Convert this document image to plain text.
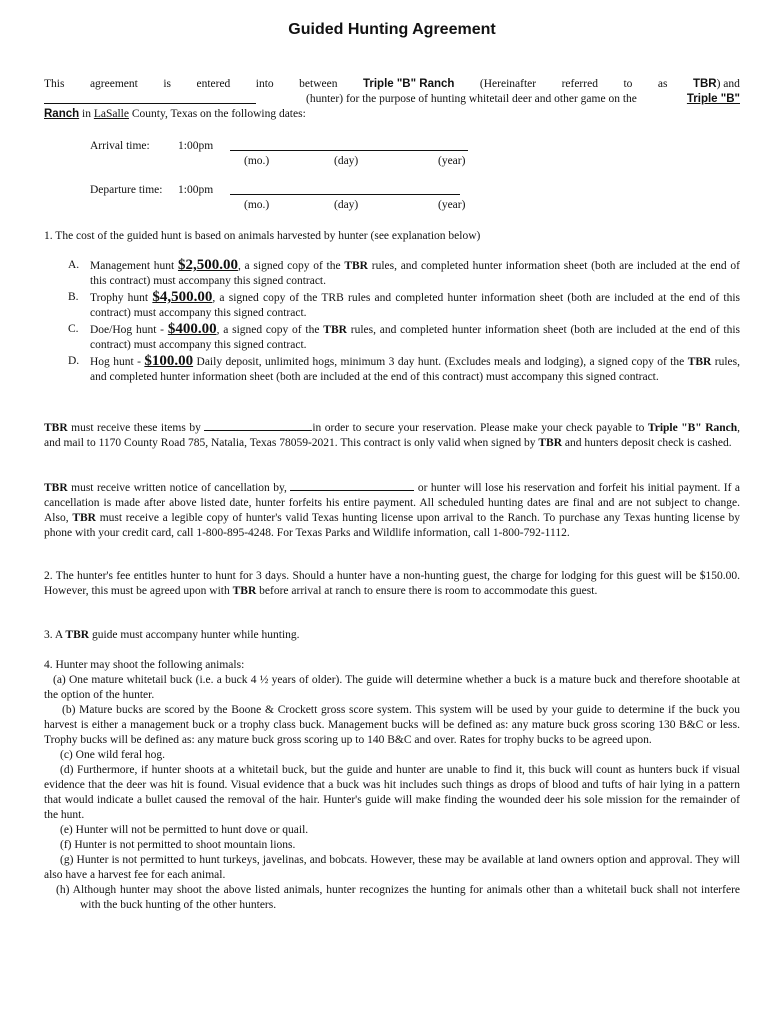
Guided Hunting Agreement
This agreement is entered into between Triple "B" Ranch (Hereinafter referred to as TBR) and
(hunter) for the purpose of hunting whitetail deer and other game on the	Triple "B"
Ranch in LaSalle County, Texas on the following dates:
Arrival time: 1:00pm
(mo.)	(day)	(year)
Departure time: 1:00pm
(mo.)	(day)	(year)
1. The cost of the guided hunt is based on animals harvested by hunter (see explanation below)
A. Management hunt $2,500.00, a signed copy of the TBR rules, and completed hunter information sheet (both are included at the end of this contract) must accompany this signed contract.
B. Trophy hunt $4,500.00, a signed copy of the TRB rules and completed hunter information sheet (both are included at the end of this contract) must accompany this signed contract.
C. Doe/Hog hunt - $400.00, a signed copy of the TBR rules, and completed hunter information sheet (both are included at the end of this contract) must accompany this signed contract.
D. Hog hunt - $100.00 Daily deposit, unlimited hogs, minimum 3 day hunt. (Excludes meals and lodging), a signed copy of the TBR rules, and completed hunter information sheet (both are included at the end of this contract) must accompany this signed contract.
TBR must receive these items by	in order to secure your reservation. Please make your check payable to Triple "B" Ranch, and mail to 1170 County Road 785, Natalia, Texas 78059-2021. This contract is only valid when signed by TBR and hunters deposit check is cashed.
TBR must receive written notice of cancellation by,	or hunter will lose his reservation and forfeit his initial payment. If a cancellation is made after above listed date, hunter forfeits his entire payment. All scheduled hunting dates are final and are not subject to change. Also, TBR must receive a legible copy of hunter's valid Texas hunting license upon arrival to the Ranch. To purchase any Texas hunting license by phone with your credit card, call 1-800-895-4248. For Texas Parks and Wildlife information, call 1-800-792-1112.
2. The hunter's fee entitles hunter to hunt for 3 days. Should a hunter have a non-hunting guest, the charge for lodging for this guest will be $150.00. However, this must be agreed upon with TBR before arrival at ranch to ensure there is room to accommodate this guest.
3. A TBR guide must accompany hunter while hunting.
4. Hunter may shoot the following animals:
(a) One mature whitetail buck (i.e. a buck 4 ½ years of older). The guide will determine whether a buck is a mature buck and therefore shootable at the option of the hunter.
(b) Mature bucks are scored by the Boone & Crockett gross score system. This system will be used by your guide to determine if the buck you harvest is either a management buck or a trophy class buck. Management bucks will be defined as: any mature buck gross scoring 130 B&C or less. Trophy bucks will be defined as: any mature buck gross scoring up to 140 B&C and over. Rates for trophy bucks to be agreed upon.
(c) One wild feral hog.
(d) Furthermore, if hunter shoots at a whitetail buck, but the guide and hunter are unable to find it, this buck will count as hunters buck if visual evidence that the deer was hit is found. Visual evidence that a buck was hit includes such things as drops of blood and tufts of hair lying in a pattern that would indicate a bullet caused the removal of the hair. Hunter's guide will make finding the wounded deer his sole mission for the remainder of the hunt.
(e) Hunter will not be permitted to hunt dove or quail.
(f) Hunter is not permitted to shoot mountain lions.
(g) Hunter is not permitted to hunt turkeys, javelinas, and bobcats. However, these may be available at land owners option and approval. They will also have a harvest fee for each animal.
(h) Although hunter may shoot the above listed animals, hunter recognizes the hunting for animals other than a whitetail buck shall not interfere with the buck hunting of the other hunters.
